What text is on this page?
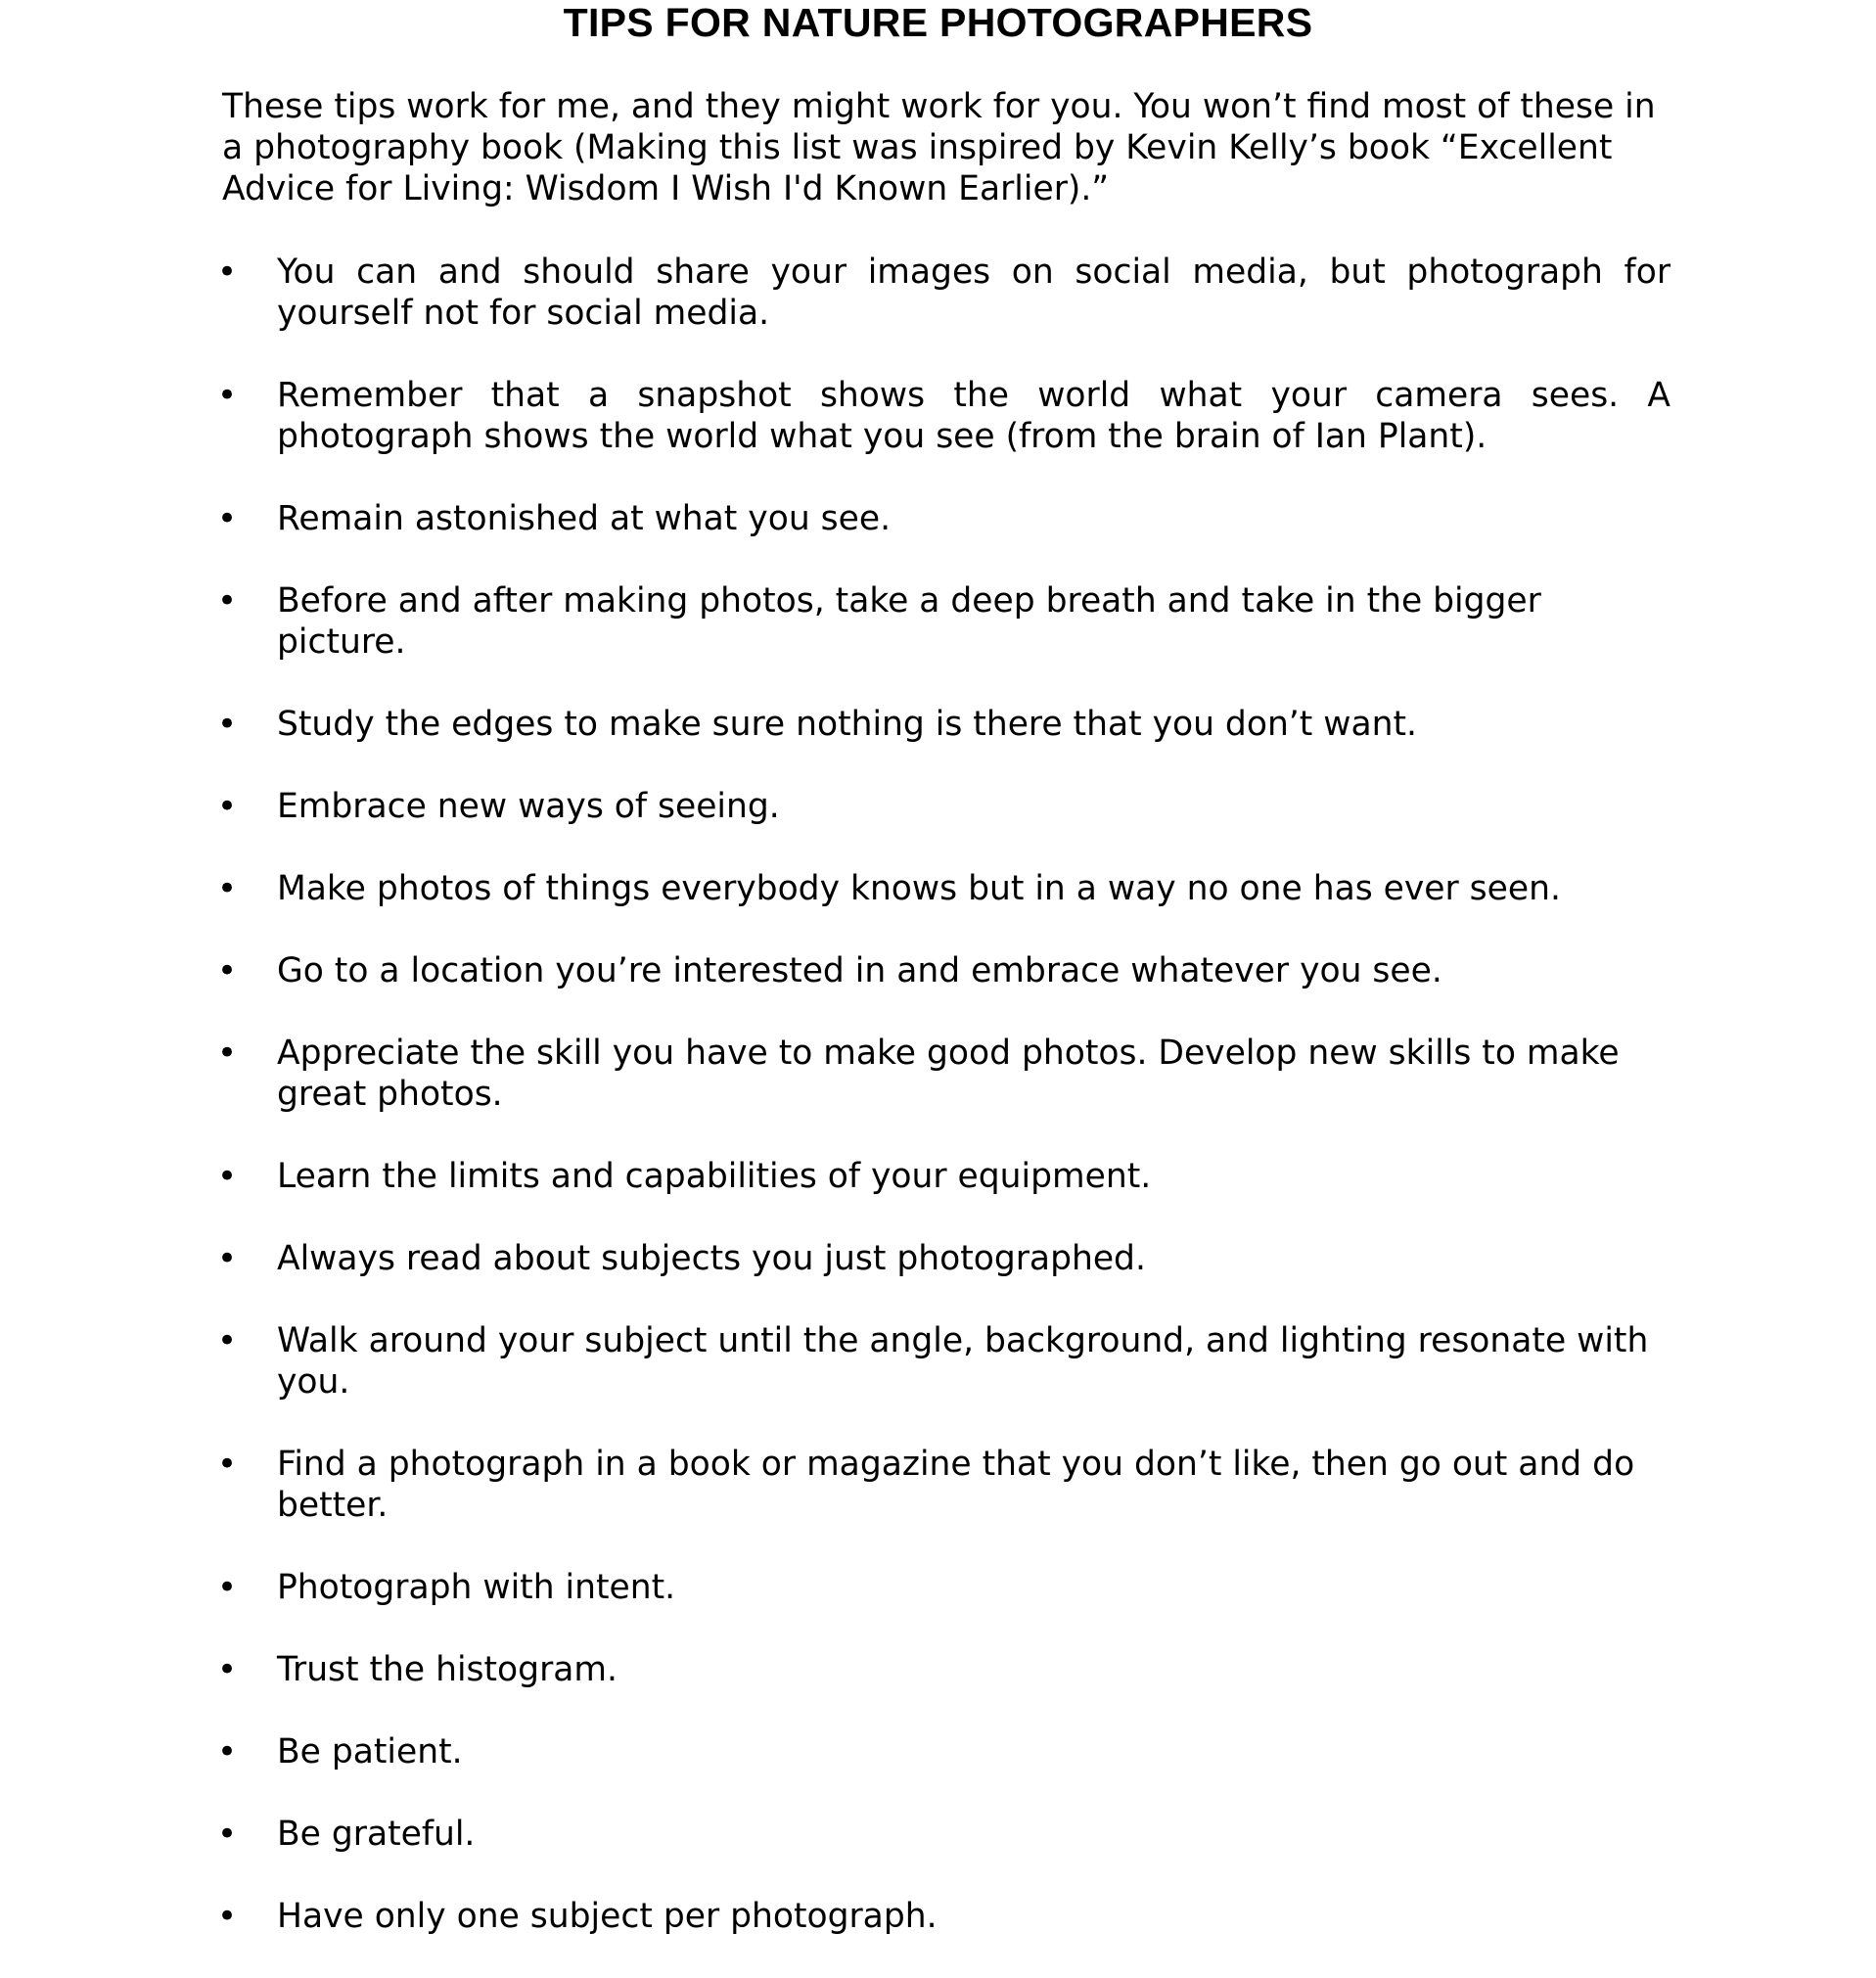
TIPS FOR NATURE PHOTOGRAPHERS

These tips work for me, and they might work for you. You won’t find most of these in a photography book (Making this list was inspired by Kevin Kelly’s book “Excellent Advice for Living: Wisdom I Wish I'd Known Earlier).”

• You can and should share your images on social media, but photograph for yourself not for social media.
• Remember that a snapshot shows the world what your camera sees. A photograph shows the world what you see (from the brain of Ian Plant).
• Remain astonished at what you see.
• Before and after making photos, take a deep breath and take in the bigger picture.
• Study the edges to make sure nothing is there that you don’t want.
• Embrace new ways of seeing.
• Make photos of things everybody knows but in a way no one has ever seen.
• Go to a location you’re interested in and embrace whatever you see.
• Appreciate the skill you have to make good photos. Develop new skills to make great photos.
• Learn the limits and capabilities of your equipment.
• Always read about subjects you just photographed.
• Walk around your subject until the angle, background, and lighting resonate with you.
• Find a photograph in a book or magazine that you don’t like, then go out and do better.
• Photograph with intent.
• Trust the histogram.
• Be patient.
• Be grateful.
• Have only one subject per photograph.
